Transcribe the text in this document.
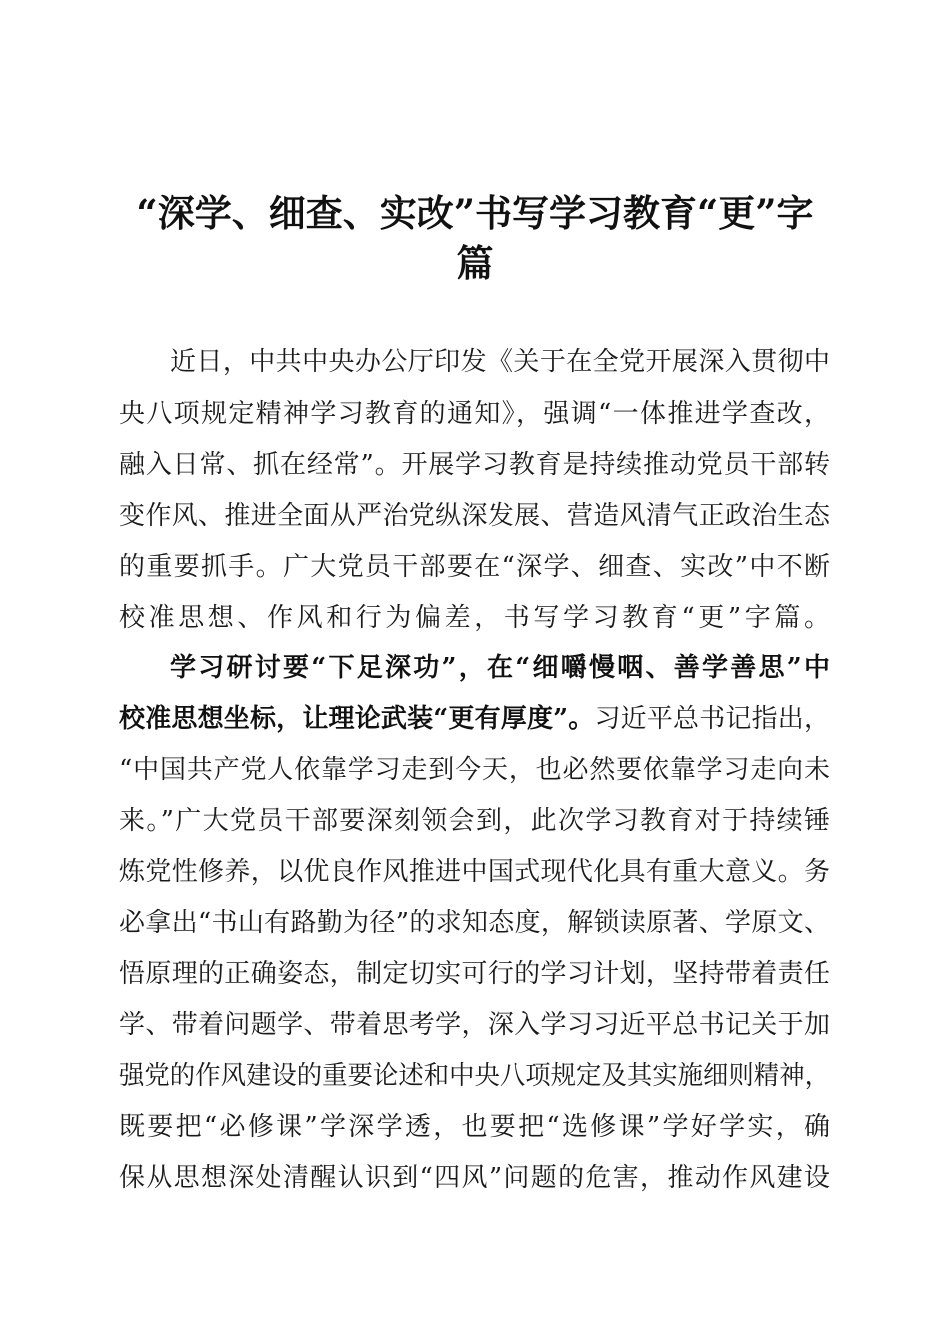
“深学、细查、实改”书写学习教育“更”字
篇
近日，中共中央办公厅印发《关于在全党开展深入贯彻中
央八项规定精神学习教育的通知》，强调“一体推进学查改，
融入日常、抓在经常”。开展学习教育是持续推动党员干部转
变作风、推进全面从严治党纵深发展、营造风清气正政治生态
的重要抓手。广大党员干部要在“深学、细查、实改”中不断
校准思想、作风和行为偏差，书写学习教育“更”字篇。
学习研讨要“下足深功”，在“细嚼慢咽、善学善思”中
校准思想坐标，让理论武装“更有厚度”。习近平总书记指出，
“中国共产党人依靠学习走到今天，也必然要依靠学习走向未
来。”广大党员干部要深刻领会到，此次学习教育对于持续锤
炼党性修养，以优良作风推进中国式现代化具有重大意义。务
必拿出“书山有路勤为径”的求知态度，解锁读原著、学原文、
悟原理的正确姿态，制定切实可行的学习计划，坚持带着责任
学、带着问题学、带着思考学，深入学习习近平总书记关于加
强党的作风建设的重要论述和中央八项规定及其实施细则精神，
既要把“必修课”学深学透，也要把“选修课”学好学实，确
保从思想深处清醒认识到“四风”问题的危害，推动作风建设
